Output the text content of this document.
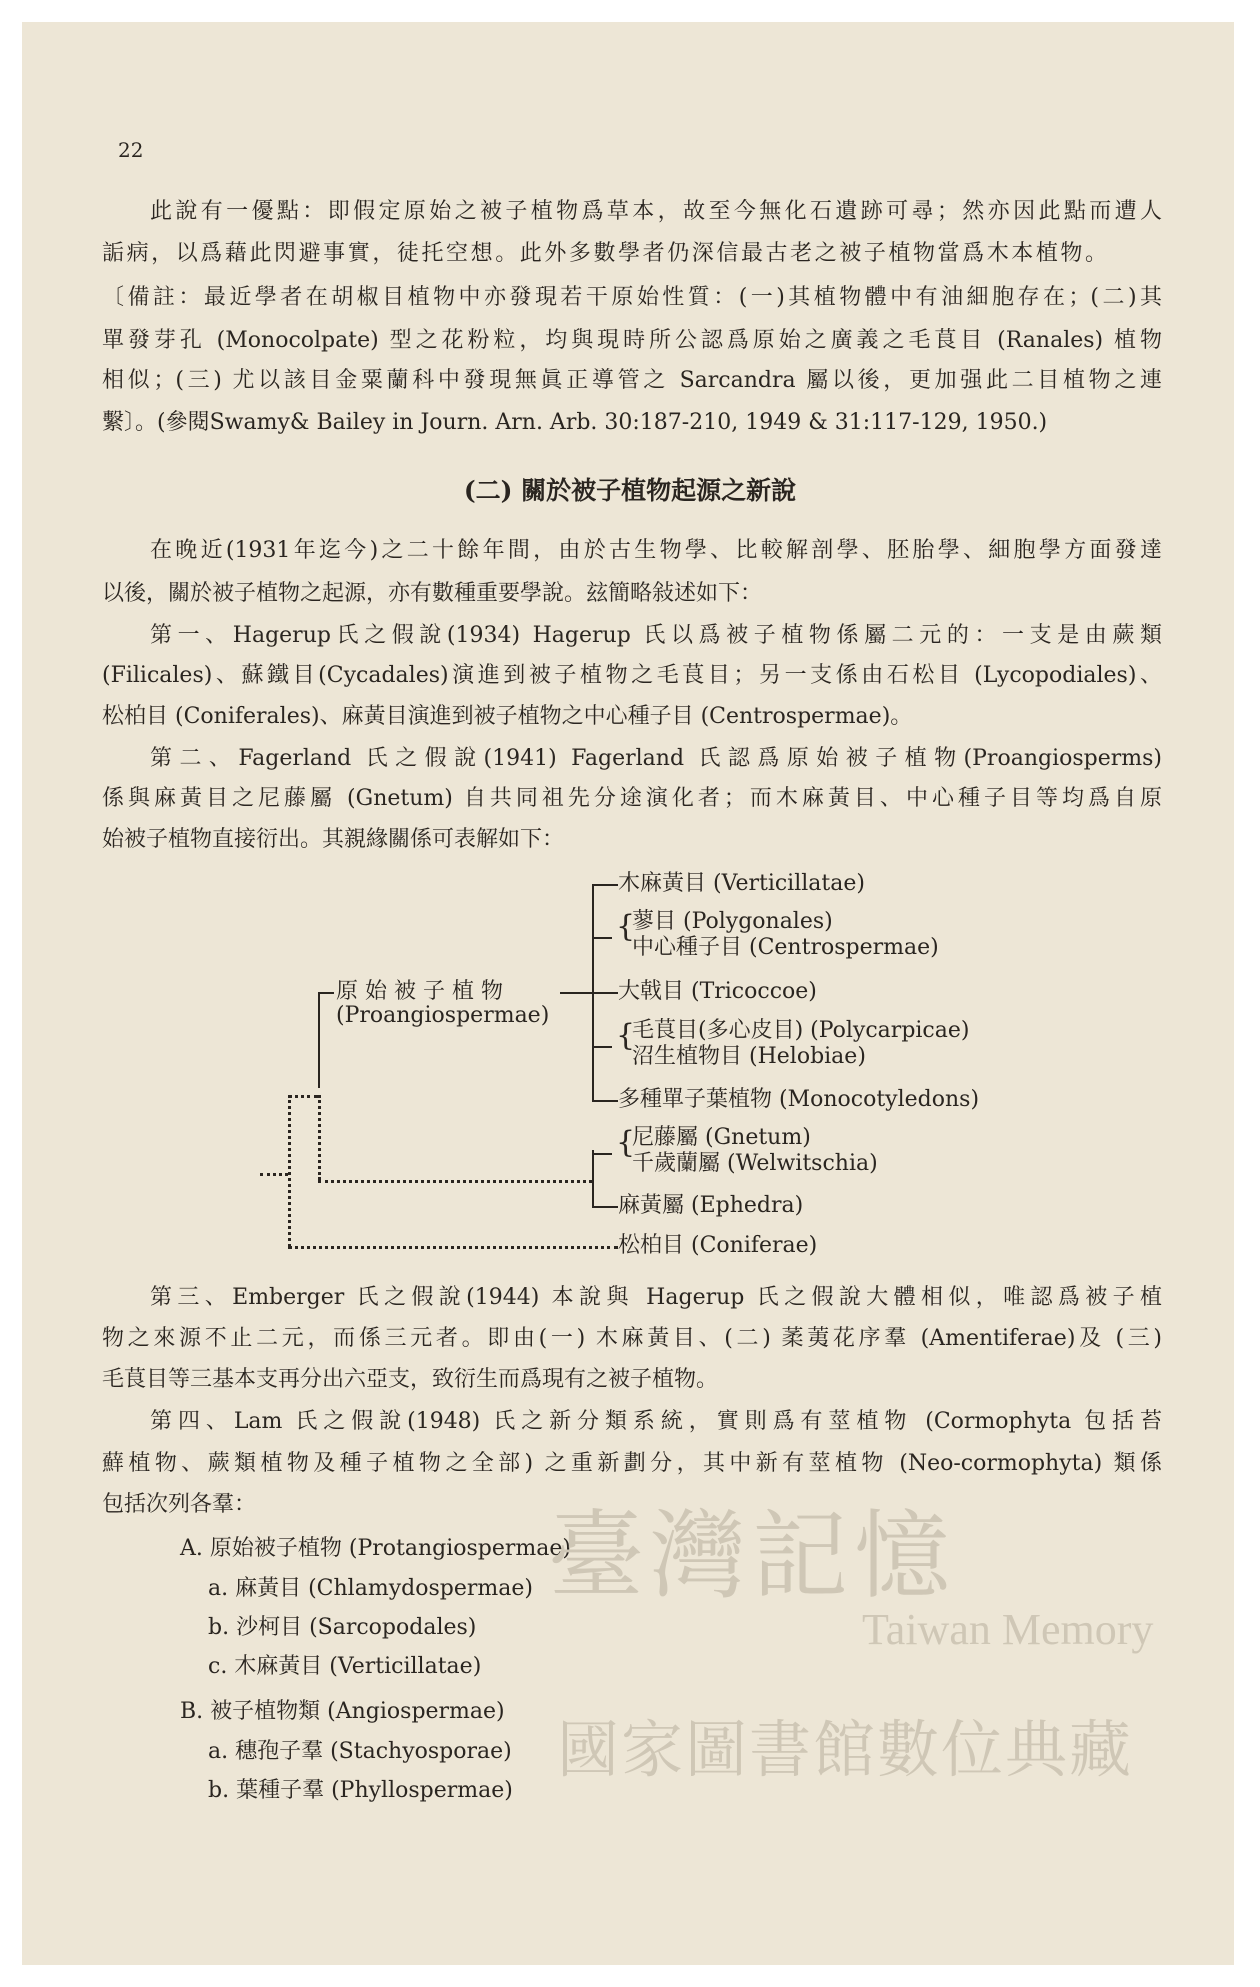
22
此說有一優點：即假定原始之被子植物爲草本，故至今無化石遺跡可尋；然亦因此點而遭人
詬病，以爲藉此閃避事實，徒托空想。此外多數學者仍深信最古老之被子植物當爲木本植物。
〔備註：最近學者在胡椒目植物中亦發現若干原始性質：(一)其植物體中有油細胞存在；(二)其
單發芽孔 (Monocolpate) 型之花粉粒，均與現時所公認爲原始之廣義之毛茛目 (Ranales) 植物
相似；(三) 尤以該目金粟蘭科中發現無眞正導管之 Sarcandra 屬以後，更加强此二目植物之連
繫〕。(參閱Swamy& Bailey in Journ. Arn. Arb. 30:187-210, 1949 & 31:117-129, 1950.)
(二) 關於被子植物起源之新說
在晚近(1931年迄今)之二十餘年間，由於古生物學、比較解剖學、胚胎學、細胞學方面發達
以後，關於被子植物之起源，亦有數種重要學說。玆簡略敍述如下：
第一、Hagerup氏之假說(1934) Hagerup 氏以爲被子植物係屬二元的：一支是由蕨類
(Filicales)、蘇鐵目(Cycadales)演進到被子植物之毛茛目；另一支係由石松目 (Lycopodiales)、
松柏目 (Coniferales)、麻黃目演進到被子植物之中心種子目 (Centrospermae)。
第二、Fagerland 氏之假說(1941) Fagerland 氏認爲原始被子植物(Proangiosperms)
係與麻黃目之尼藤屬 (Gnetum) 自共同祖先分途演化者；而木麻黃目、中心種子目等均爲自原
始被子植物直接衍出。其親緣關係可表解如下：
原 始 被 子 植 物
(Proangiospermae)
木麻黃目 (Verticillatae)
{
蓼目 (Polygonales)
中心種子目 (Centrospermae)
大戟目 (Tricoccoe)
{
毛茛目(多心皮目) (Polycarpicae)
沼生植物目 (Helobiae)
多種單子葉植物 (Monocotyledons)
{
尼藤屬 (Gnetum)
千歲蘭屬 (Welwitschia)
麻黃屬 (Ephedra)
松柏目 (Coniferae)
第三、Emberger 氏之假說(1944) 本說與 Hagerup 氏之假說大體相似，唯認爲被子植
物之來源不止二元，而係三元者。即由(一) 木麻黃目、(二) 葇荑花序羣 (Amentiferae)及 (三)
毛茛目等三基本支再分出六亞支，致衍生而爲現有之被子植物。
第四、Lam 氏之假說(1948) 氏之新分類系統，實則爲有莖植物 (Cormophyta 包括苔
蘚植物、蕨類植物及種子植物之全部) 之重新劃分，其中新有莖植物 (Neo-cormophyta) 類係
包括次列各羣：
A. 原始被子植物 (Protangiospermae)
a. 麻黃目 (Chlamydospermae)
b. 沙柯目 (Sarcopodales)
c. 木麻黃目 (Verticillatae)
B. 被子植物類 (Angiospermae)
a. 穗孢子羣 (Stachyosporae)
b. 葉種子羣 (Phyllospermae)
臺灣記憶
Taiwan Memory
國家圖書館數位典藏
